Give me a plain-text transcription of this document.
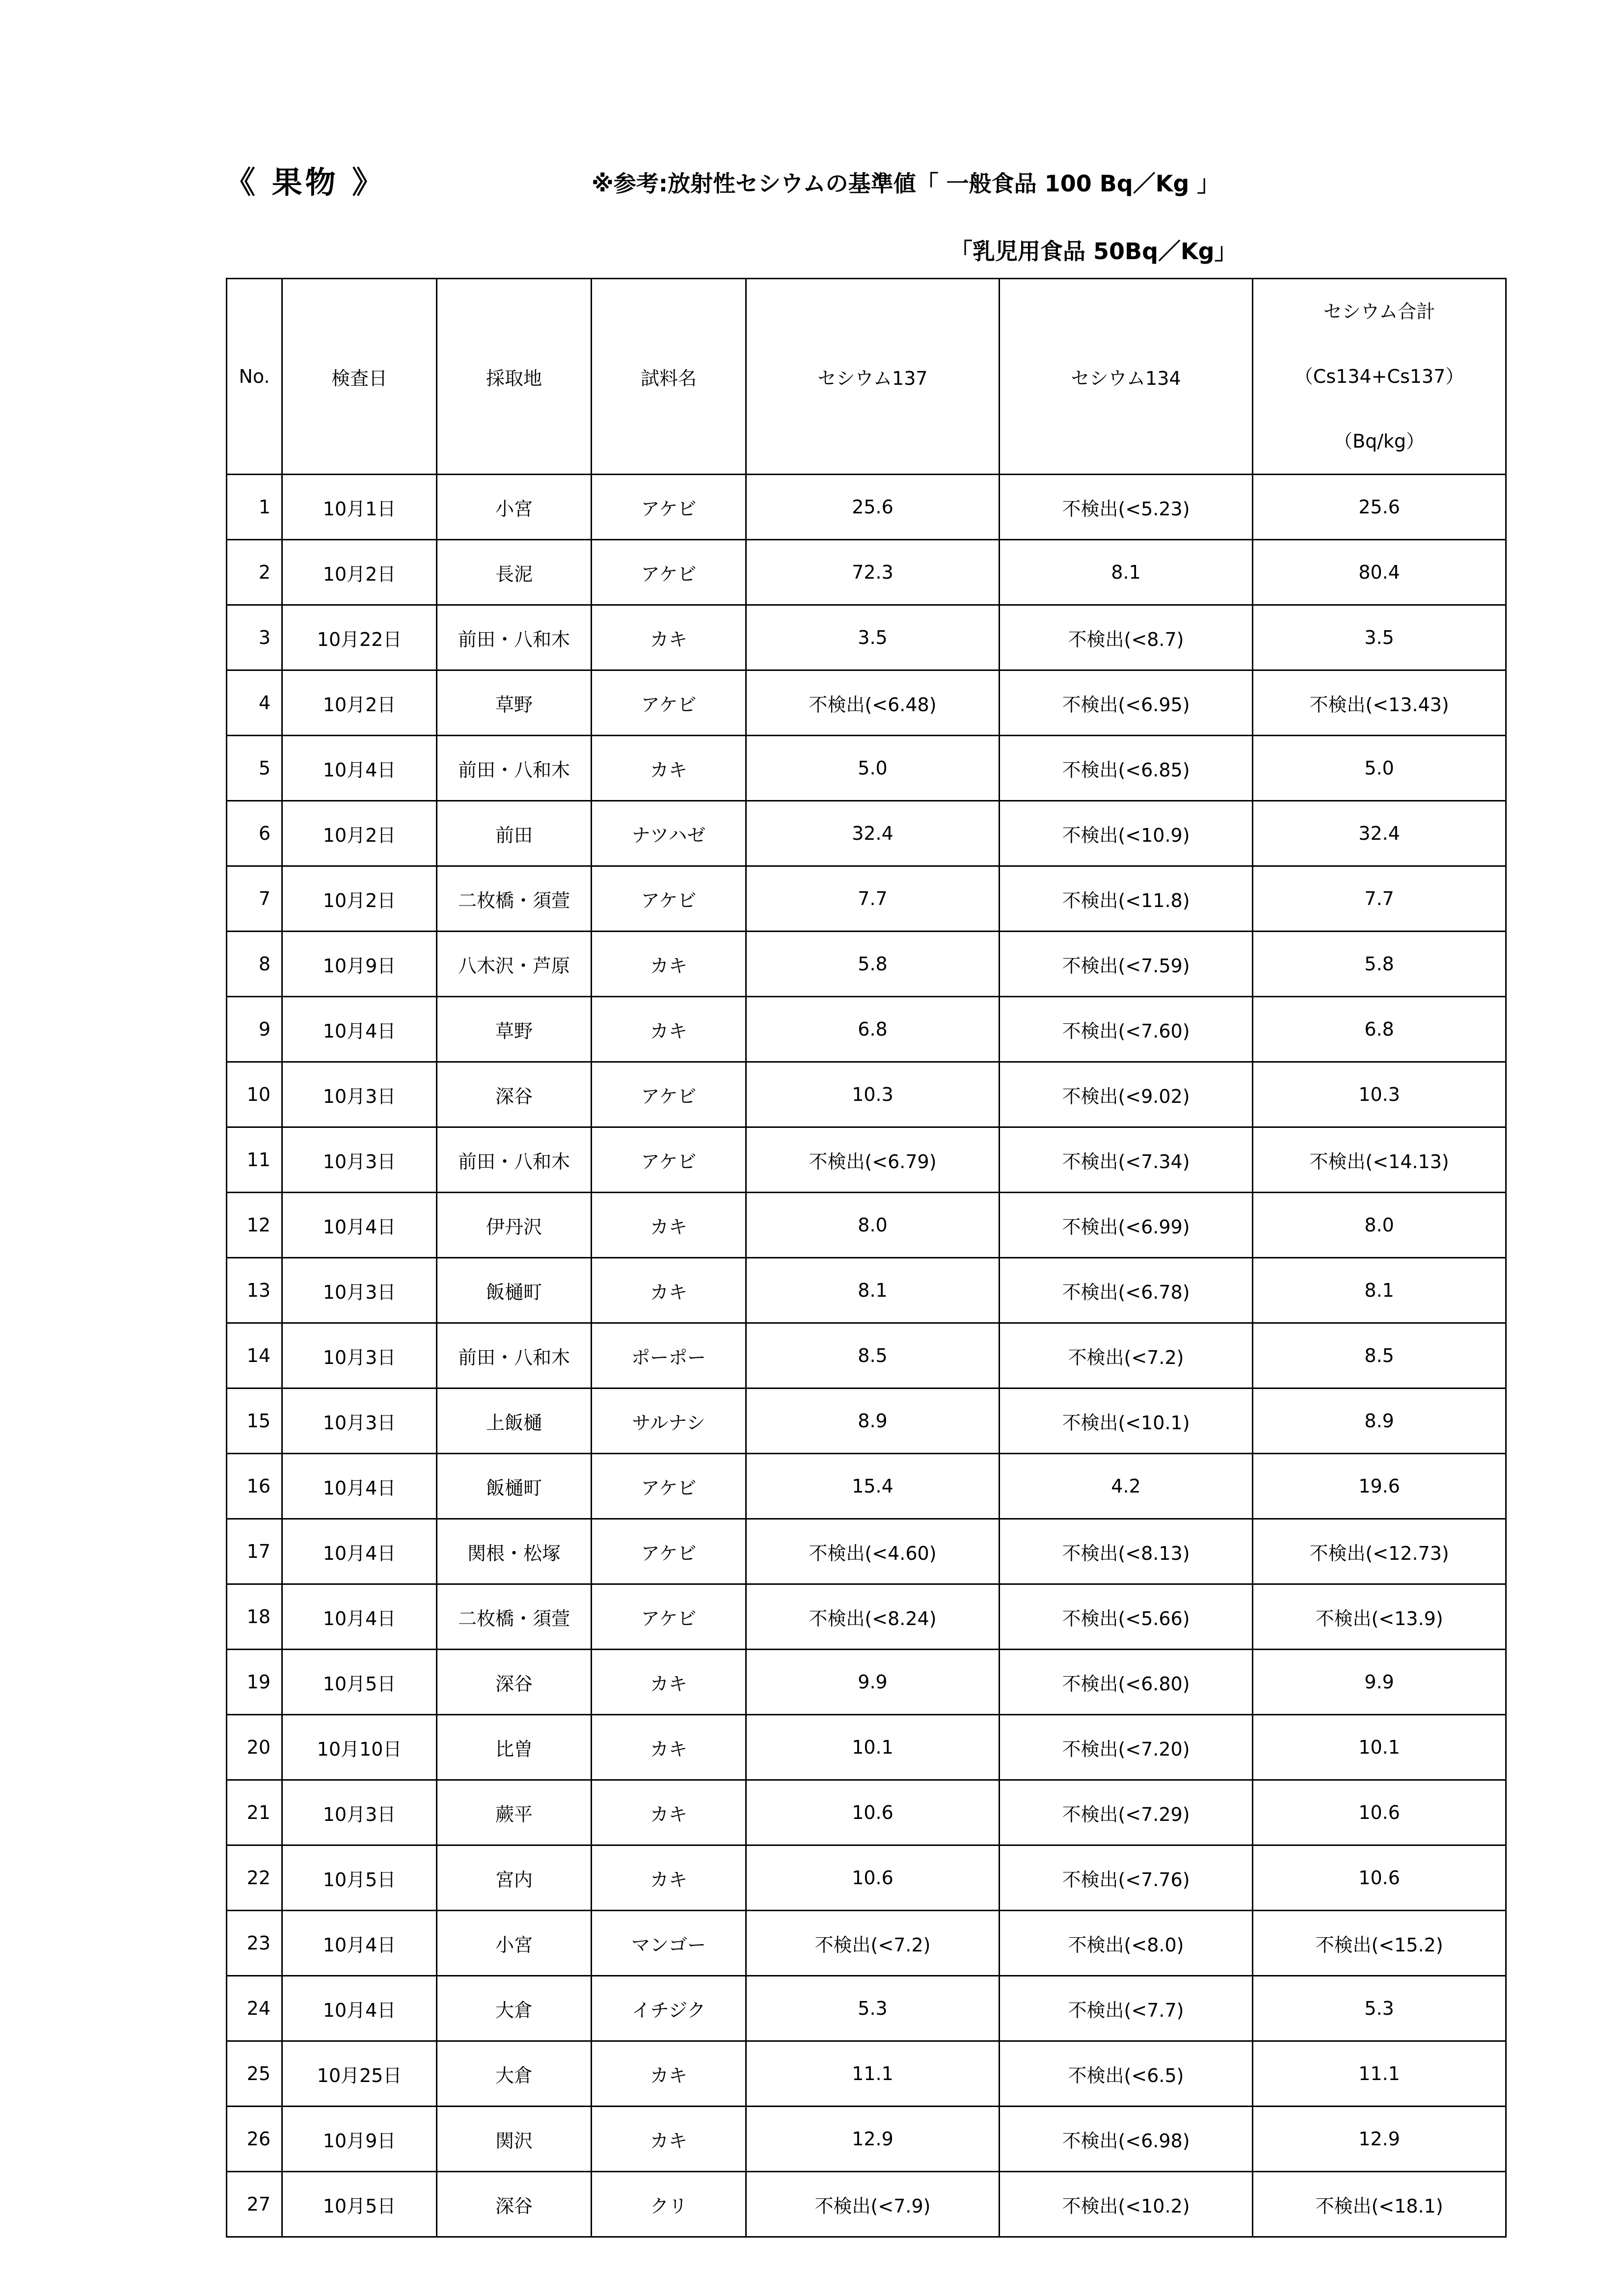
《 果物 》	※参考:放射性セシウムの基準値「 一般食品 100 Bq／Kg 」
「乳児用食品 50Bq／Kg」
No.	検査日	採取地	試料名	セシウム137	セシウム134	セシウム合計
（Cs134+Cs137）
（Bq/kg）

1	10月1日	小宮	アケビ	25.6	不検出(<5.23)	25.6
2	10月2日	長泥	アケビ	72.3	8.1	80.4
3	10月22日	前田・八和木	カキ	3.5	不検出(<8.7)	3.5
4	10月2日	草野	アケビ	不検出(<6.48)	不検出(<6.95)	不検出(<13.43)
5	10月4日	前田・八和木	カキ	5.0	不検出(<6.85)	5.0
6	10月2日	前田	ナツハゼ	32.4	不検出(<10.9)	32.4
7	10月2日	二枚橋・須萱	アケビ	7.7	不検出(<11.8)	7.7
8	10月9日	八木沢・芦原	カキ	5.8	不検出(<7.59)	5.8
9	10月4日	草野	カキ	6.8	不検出(<7.60)	6.8
10	10月3日	深谷	アケビ	10.3	不検出(<9.02)	10.3
11	10月3日	前田・八和木	アケビ	不検出(<6.79)	不検出(<7.34)	不検出(<14.13)
12	10月4日	伊丹沢	カキ	8.0	不検出(<6.99)	8.0
13	10月3日	飯樋町	カキ	8.1	不検出(<6.78)	8.1
14	10月3日	前田・八和木	ポーポー	8.5	不検出(<7.2)	8.5
15	10月3日	上飯樋	サルナシ	8.9	不検出(<10.1)	8.9
16	10月4日	飯樋町	アケビ	15.4	4.2	19.6
17	10月4日	関根・松塚	アケビ	不検出(<4.60)	不検出(<8.13)	不検出(<12.73)
18	10月4日	二枚橋・須萱	アケビ	不検出(<8.24)	不検出(<5.66)	不検出(<13.9)
19	10月5日	深谷	カキ	9.9	不検出(<6.80)	9.9
20	10月10日	比曽	カキ	10.1	不検出(<7.20)	10.1
21	10月3日	蕨平	カキ	10.6	不検出(<7.29)	10.6
22	10月5日	宮内	カキ	10.6	不検出(<7.76)	10.6
23	10月4日	小宮	マンゴー	不検出(<7.2)	不検出(<8.0)	不検出(<15.2)
24	10月4日	大倉	イチジク	5.3	不検出(<7.7)	5.3
25	10月25日	大倉	カキ	11.1	不検出(<6.5)	11.1
26	10月9日	関沢	カキ	12.9	不検出(<6.98)	12.9
27	10月5日	深谷	クリ	不検出(<7.9)	不検出(<10.2)	不検出(<18.1)
